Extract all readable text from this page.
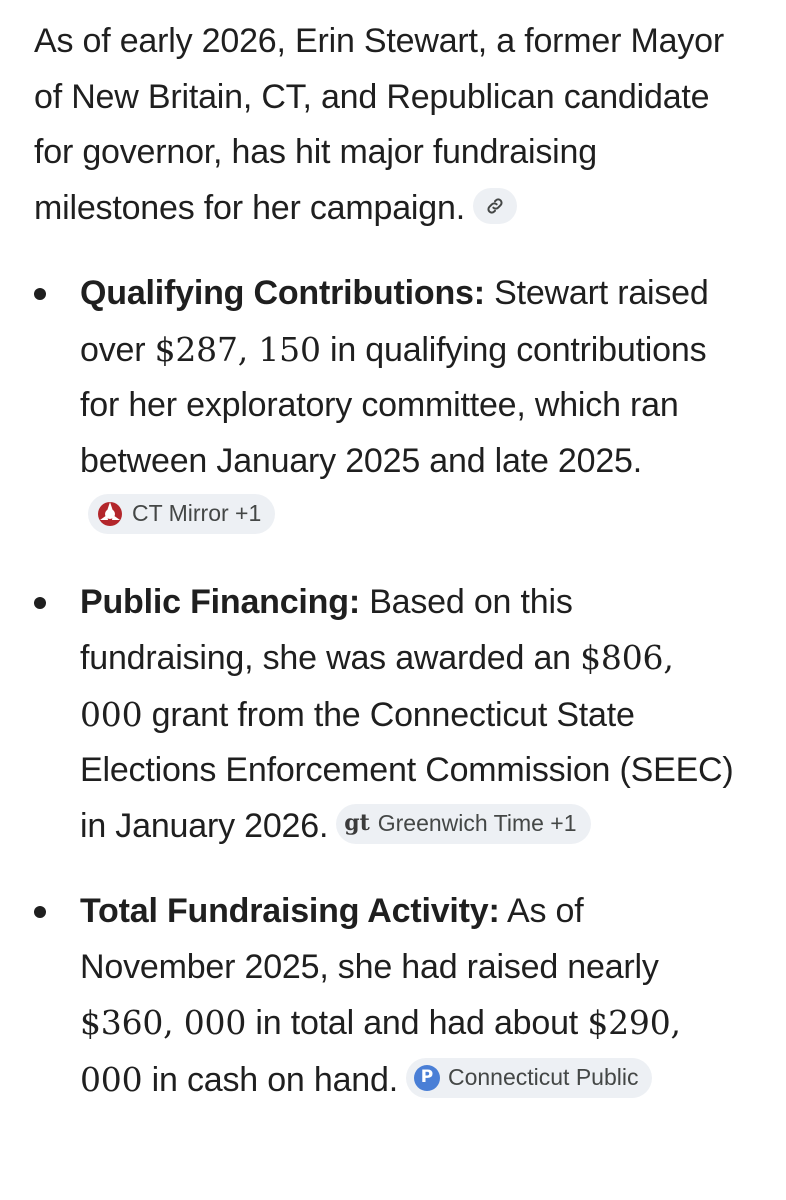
As of early 2026, Erin Stewart, a former Mayor of New Britain, CT, and Republican candidate for governor, has hit major fundraising milestones for her campaign.

Qualifying Contributions: Stewart raised over $287, 150 in qualifying contributions for her exploratory committee, which ran between January 2025 and late 2025.
CT Mirror +1
Public Financing: Based on this fundraising, she was awarded an $806, 000 grant from the Connecticut State Elections Enforcement Commission (SEEC) in January 2026. gt Greenwich Time +1
Total Fundraising Activity: As of November 2025, she had raised nearly $360, 000 in total and had about $290, 000 in cash on hand.	P Connecticut Public
